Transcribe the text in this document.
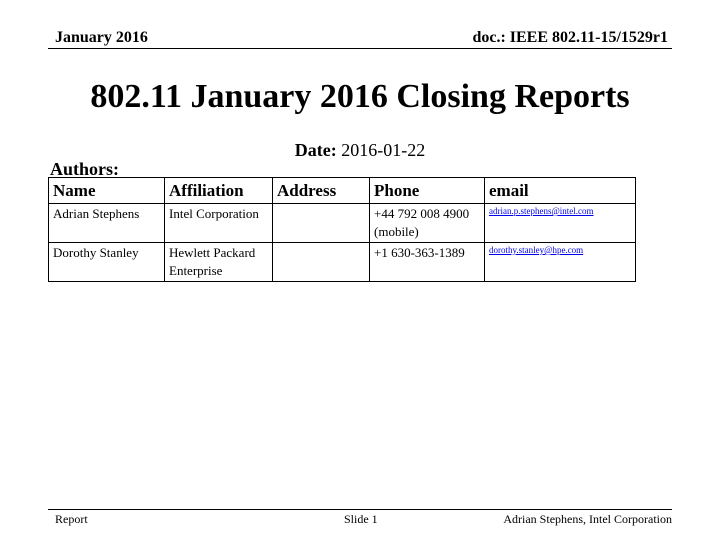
January 2016	doc.: IEEE 802.11-15/1529r1
802.11 January 2016 Closing Reports
Date: 2016-01-22
Authors:
Name	Affiliation	Address	Phone	email
Adrian Stephens	Intel Corporation		+44 792 008 4900 (mobile)	adrian.p.stephens@intel.com
Dorothy Stanley	Hewlett Packard Enterprise		+1 630-363-1389	dorothy.stanley@hpe.com
Report	Slide 1	Adrian Stephens, Intel Corporation
